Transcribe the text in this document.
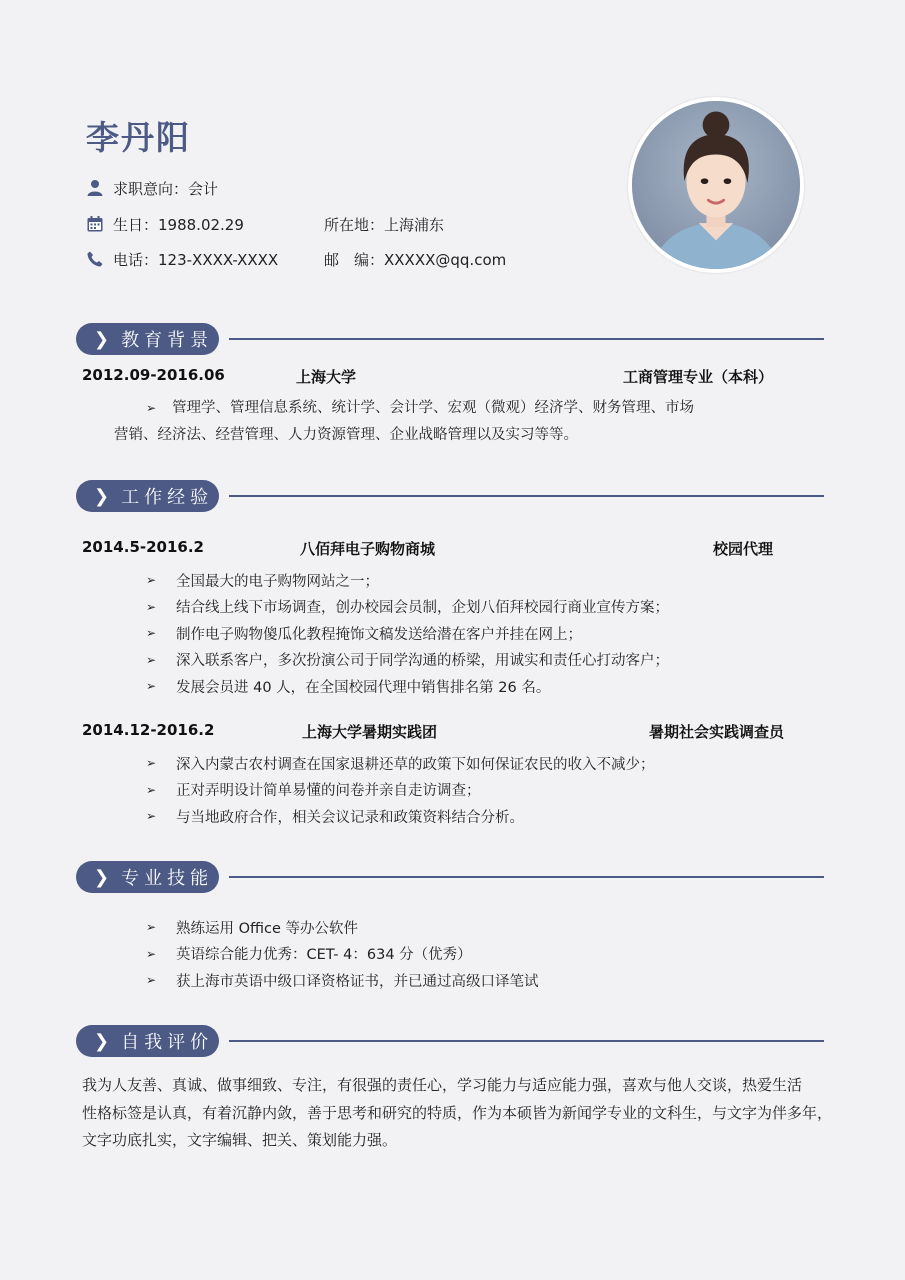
李丹阳
求职意向：会计
生日：1988.02.29	所在地：上海浦东
电话：123-XXXX-XXXX	邮　编：XXXXX@qq.com
❯ 教育背景
2012.09-2016.06	上海大学	工商管理专业（本科）
➢ 管理学、管理信息系统、统计学、会计学、宏观（微观）经济学、财务管理、市场
营销、经济法、经营管理、人力资源管理、企业战略管理以及实习等等。
❯ 工作经验
2014.5-2016.2	八佰拜电子购物商城	校园代理
➢	全国最大的电子购物网站之一；
➢	结合线上线下市场调查，创办校园会员制，企划八佰拜校园行商业宣传方案；
➢	制作电子购物傻瓜化教程掩饰文稿发送给潜在客户并挂在网上；
➢	深入联系客户，多次扮演公司于同学沟通的桥梁，用诚实和责任心打动客户；
➢	发展会员进 40 人，在全国校园代理中销售排名第 26 名。
2014.12-2016.2	上海大学暑期实践团	暑期社会实践调查员
➢	深入内蒙古农村调查在国家退耕还草的政策下如何保证农民的收入不减少；
➢	正对弄明设计简单易懂的问卷并亲自走访调查；
➢	与当地政府合作，相关会议记录和政策资料结合分析。
❯ 专业技能
➢	熟练运用 Office 等办公软件
➢	英语综合能力优秀：CET- 4：634 分（优秀）
➢	获上海市英语中级口译资格证书，并已通过高级口译笔试
❯ 自我评价

我为人友善、真诚、做事细致、专注，有很强的责任心，学习能力与适应能力强，喜欢与他人交谈，热爱生活

性格标签是认真，有着沉静内敛，善于思考和研究的特质，作为本硕皆为新闻学专业的文科生，与文字为伴多年，

文字功底扎实，文字编辑、把关、策划能力强。
